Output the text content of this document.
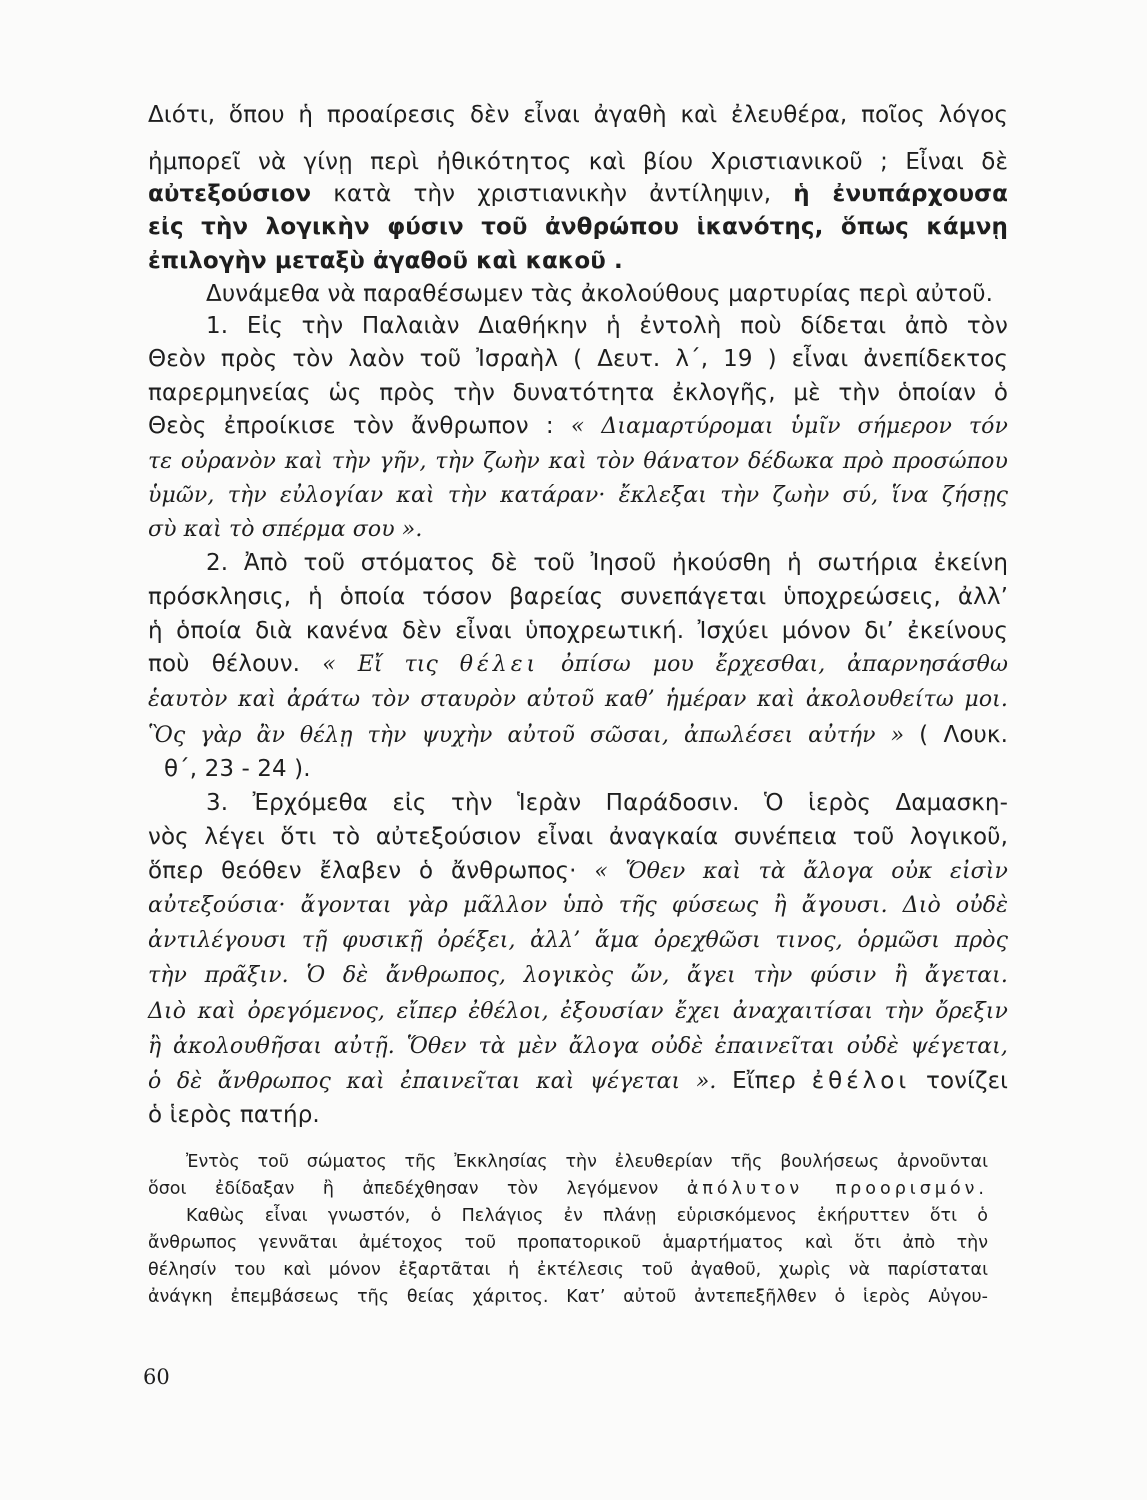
Διότι, ὅπου ἡ προαίρεσις δὲν εἶναι ἀγαθὴ καὶ ἐλευθέρα, ποῖος λόγος

ἠμπορεῖ νὰ γίνῃ περὶ ἠθικότητος καὶ βίου Χριστιανικοῦ ; Εἶναι δὲ

αὐτεξούσιον κατὰ τὴν χριστιανικὴν ἀντίληψιν, ἡ ἐνυπάρχουσα

εἰς τὴν λογικὴν φύσιν τοῦ ἀνθρώπου ἱκανότης, ὅπως κάμνῃ

ἐπιλογὴν μεταξὺ ἀγαθοῦ καὶ κακοῦ .

Δυνάμεθα νὰ παραθέσωμεν τὰς ἀκολούθους μαρτυρίας περὶ αὐτοῦ.

1. Εἰς τὴν Παλαιὰν Διαθήκην ἡ ἐντολὴ ποὺ δίδεται ἀπὸ τὸν

Θεὸν πρὸς τὸν λαὸν τοῦ Ἰσραὴλ ( Δευτ. λ΄, 19 ) εἶναι ἀνεπίδεκτος

παρερμηνείας ὡς πρὸς τὴν δυνατότητα ἐκλογῆς, μὲ τὴν ὁποίαν ὁ

Θεὸς ἐπροίκισε τὸν ἄνθρωπον : « Διαμαρτύρομαι ὑμῖν σήμερον τόν

τε οὐρανὸν καὶ τὴν γῆν, τὴν ζωὴν καὶ τὸν θάνατον δέδωκα πρὸ προσώπου

ὑμῶν, τὴν εὐλογίαν καὶ τὴν κατάραν· ἔκλεξαι τὴν ζωὴν σύ, ἵνα ζήσῃς

σὺ καὶ τὸ σπέρμα σου ».

2. Ἀπὸ τοῦ στόματος δὲ τοῦ Ἰησοῦ ἠκούσθη ἡ σωτήρια ἐκείνη

πρόσκλησις, ἡ ὁποία τόσον βαρείας συνεπάγεται ὑποχρεώσεις, ἀλλ’

ἡ ὁποία διὰ κανένα δὲν εἶναι ὑποχρεωτική. Ἰσχύει μόνον δι’ ἐκείνους

ποὺ θέλουν. « Εἴ τις θέλει ὀπίσω μου ἔρχεσθαι, ἀπαρνησάσθω

ἑαυτὸν καὶ ἀράτω τὸν σταυρὸν αὐτοῦ καθ’ ἡμέραν καὶ ἀκολουθείτω μοι.

Ὃς γὰρ ἂν θέλῃ τὴν ψυχὴν αὐτοῦ σῶσαι, ἀπωλέσει αὐτήν » ( Λουκ.

θ΄, 23 - 24 ).

3. Ἐρχόμεθα εἰς τὴν Ἱερὰν Παράδοσιν. Ὁ ἱερὸς Δαμασκη-

νὸς λέγει ὅτι τὸ αὐτεξούσιον εἶναι ἀναγκαία συνέπεια τοῦ λογικοῦ,

ὅπερ θεόθεν ἔλαβεν ὁ ἄνθρωπος· « Ὅθεν καὶ τὰ ἄλογα οὐκ εἰσὶν

αὐτεξούσια· ἄγονται γὰρ μᾶλλον ὑπὸ τῆς φύσεως ἢ ἄγουσι. Διὸ οὐδὲ

ἀντιλέγουσι τῇ φυσικῇ ὀρέξει, ἀλλ’ ἅμα ὀρεχθῶσι τινος, ὁρμῶσι πρὸς

τὴν πρᾶξιν. Ὁ δὲ ἄνθρωπος, λογικὸς ὤν, ἄγει τὴν φύσιν ἢ ἄγεται.

Διὸ καὶ ὀρεγόμενος, εἴπερ ἐθέλοι, ἐξουσίαν ἔχει ἀναχαιτίσαι τὴν ὄρεξιν

ἢ ἀκολουθῆσαι αὐτῇ. Ὅθεν τὰ μὲν ἄλογα οὐδὲ ἐπαινεῖται οὐδὲ ψέγεται,

ὁ δὲ ἄνθρωπος καὶ ἐπαινεῖται καὶ ψέγεται ». Εἴπερ ἐθέλοι τονίζει

ὁ ἱερὸς πατήρ.

Ἐντὸς τοῦ σώματος τῆς Ἐκκλησίας τὴν ἐλευθερίαν τῆς βουλήσεως ἀρνοῦνται

ὅσοι ἐδίδαξαν ἢ ἀπεδέχθησαν τὸν λεγόμενον ἀπόλυτον προορισμόν.

Καθὼς εἶναι γνωστόν, ὁ Πελάγιος ἐν πλάνῃ εὑρισκόμενος ἐκήρυττεν ὅτι ὁ

ἄνθρωπος γεννᾶται ἀμέτοχος τοῦ προπατορικοῦ ἁμαρτήματος καὶ ὅτι ἀπὸ τὴν

θέλησίν του καὶ μόνον ἐξαρτᾶται ἡ ἐκτέλεσις τοῦ ἀγαθοῦ, χωρὶς νὰ παρίσταται

ἀνάγκη ἐπεμβάσεως τῆς θείας χάριτος. Κατ’ αὐτοῦ ἀντεπεξῆλθεν ὁ ἱερὸς Αὐγου-

60
